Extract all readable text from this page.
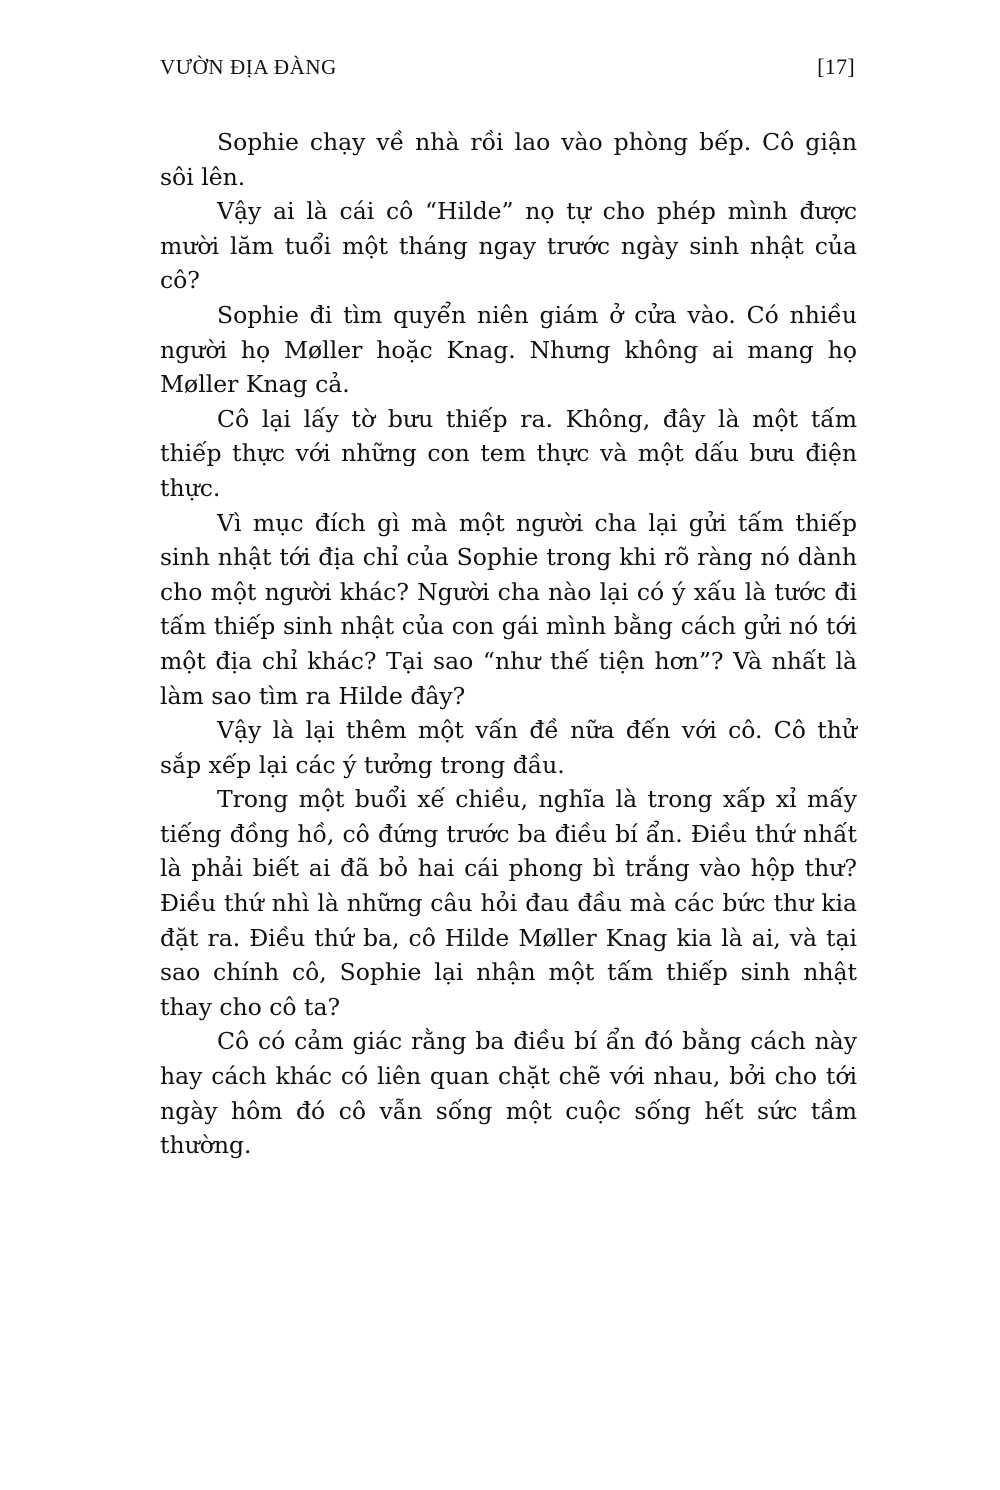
VƯỜN ĐỊA ĐÀNG	[17]

Sophie chạy về nhà rồi lao vào phòng bếp. Cô giận sôi lên.

Vậy ai là cái cô “Hilde” nọ tự cho phép mình được mười lăm tuổi một tháng ngay trước ngày sinh nhật của cô?

Sophie đi tìm quyển niên giám ở cửa vào. Có nhiều người họ Møller hoặc Knag. Nhưng không ai mang họ Møller Knag cả.

Cô lại lấy tờ bưu thiếp ra. Không, đây là một tấm thiếp thực với những con tem thực và một dấu bưu điện thực.

Vì mục đích gì mà một người cha lại gửi tấm thiếp sinh nhật tới địa chỉ của Sophie trong khi rõ ràng nó dành cho một người khác? Người cha nào lại có ý xấu là tước đi tấm thiếp sinh nhật của con gái mình bằng cách gửi nó tới một địa chỉ khác? Tại sao “như thế tiện hơn”? Và nhất là làm sao tìm ra Hilde đây?

Vậy là lại thêm một vấn đề nữa đến với cô. Cô thử sắp xếp lại các ý tưởng trong đầu.

Trong một buổi xế chiều, nghĩa là trong xấp xỉ mấy tiếng đồng hồ, cô đứng trước ba điều bí ẩn. Điều thứ nhất là phải biết ai đã bỏ hai cái phong bì trắng vào hộp thư? Điều thứ nhì là những câu hỏi đau đầu mà các bức thư kia đặt ra. Điều thứ ba, cô Hilde Møller Knag kia là ai, và tại sao chính cô, Sophie lại nhận một tấm thiếp sinh nhật thay cho cô ta?

Cô có cảm giác rằng ba điều bí ẩn đó bằng cách này hay cách khác có liên quan chặt chẽ với nhau, bởi cho tới ngày hôm đó cô vẫn sống một cuộc sống hết sức tầm thường.
